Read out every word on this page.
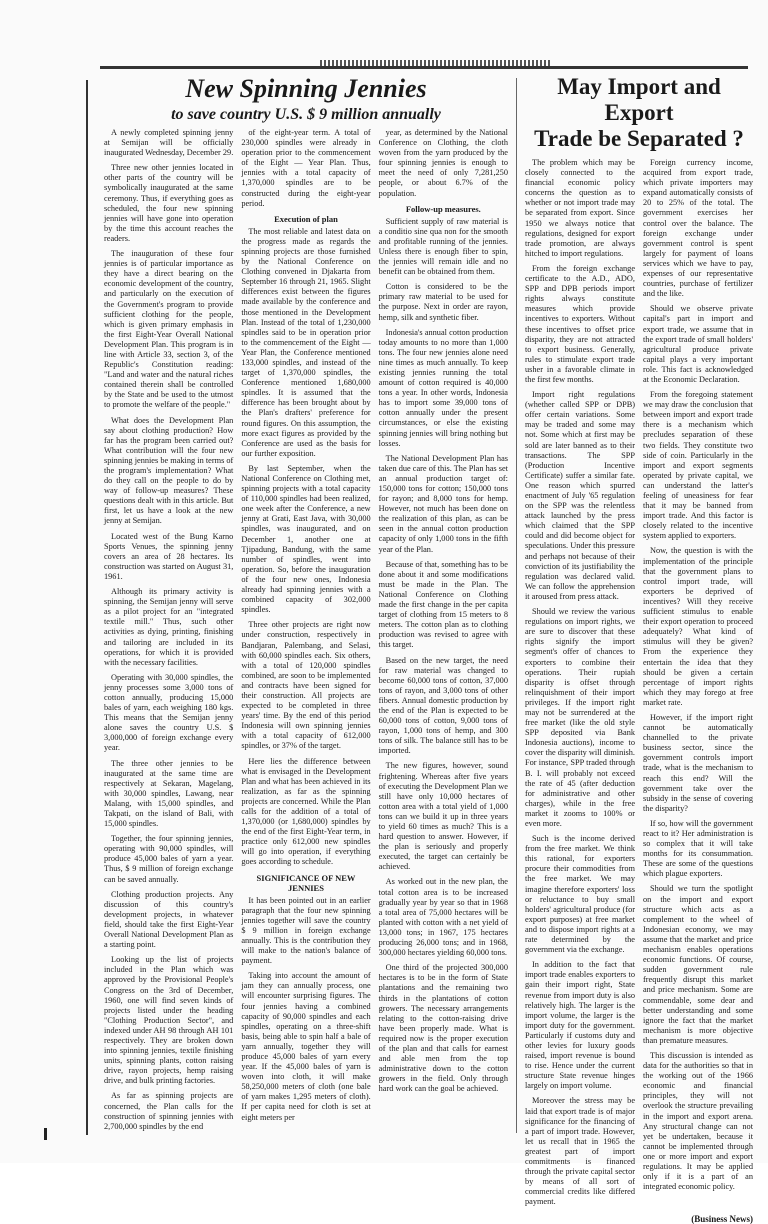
New Spinning Jennies
to save country U.S. $ 9 million annually

A newly completed spinning jenny at Semijan will be officially inaugurated Wednesday, December 29.

Three new other jennies located in other parts of the country will be symbolically inaugurated at the same ceremony. Thus, if everything goes as scheduled, the four new spinning jennies will have gone into operation by the time this account reaches the readers.

The inauguration of these four jennies is of particular importance as they have a direct bearing on the economic development of the country, and particularly on the execution of the Government's program to provide sufficient clothing for the people, which is given primary emphasis in the first Eight-Year Overall National Development Plan. This program is in line with Article 33, section 3, of the Republic's Constitution reading: "Land and water and the natural riches contained therein shall be controlled by the State and be used to the utmost to promote the welfare of the people."

What does the Development Plan say about clothing production? How far has the program been carried out? What contribution will the four new spinning jennies be making in terms of the program's implementation? What do they call on the people to do by way of follow-up measures? These questions dealt with in this article. But first, let us have a look at the new jenny at Semijan.

Located west of the Bung Karno Sports Venues, the spinning jenny covers an area of 28 hectares. Its construction was started on August 31, 1961.

Although its primary activity is spinning, the Semijan jenny will serve as a pilot project for an "integrated textile mill." Thus, such other activities as dying, printing, finishing and tailoring are included in its operations, for which it is provided with the necessary facilities.

Operating with 30,000 spindles, the jenny processes some 3,000 tons of cotton annually, producing 15,000 bales of yarn, each weighing 180 kgs. This means that the Semijan jenny alone saves the country U.S. $ 3,000,000 of foreign exchange every year.

The three other jennies to be inaugurated at the same time are respectively at Sekaran, Magelang, with 30,000 spindles, Lawang, near Malang, with 15,000 spindles, and Takpati, on the island of Bali, with 15,000 spindles.

Together, the four spinning jennies, operating with 90,000 spindles, will produce 45,000 bales of yarn a year. Thus, $ 9 million of foreign exchange can be saved annually.

Clothing production projects. Any discussion of this country's development projects, in whatever field, should take the first Eight-Year Overall National Development Plan as a starting point.

Looking up the list of projects included in the Plan which was approved by the Provisional People's Congress on the 3rd of December, 1960, one will find seven kinds of projects listed under the heading "Clothing Production Sector", and indexed under AH 98 through AH 101 respectively. They are broken down into spinning jennies, textile finishing units, spinning plants, cotton raising drive, rayon projects, hemp raising drive, and bulk printing factories.

As far as spinning projects are concerned, the Plan calls for the construction of spinning jennies with 2,700,000 spindles by the end

of the eight-year term. A total of 230,000 spindles were already in operation prior to the commencement of the Eight — Year Plan. Thus, jennies with a total capacity of 1,370,000 spindles are to be constructed during the eight-year period.

Execution of plan

The most reliable and latest data on the progress made as regards the spinning projects are those furnished by the National Conference on Clothing convened in Djakarta from September 16 through 21, 1965. Slight differences exist between the figures made available by the conference and those mentioned in the Development Plan. Instead of the total of 1,230,000 spindles said to be in operation prior to the commencement of the Eight — Year Plan, the Conference mentioned 133,000 spindles, and instead of the target of 1,370,000 spindles, the Conference mentioned 1,680,000 spindles. It is assumed that the difference has been brought about by the Plan's drafters' preference for round figures. On this assumption, the more exact figures as provided by the Conference are used as the basis for our further exposition.

By last September, when the National Conference on Clothing met, spinning projects with a total capacity of 110,000 spindles had been realized, one week after the Conference, a new jenny at Grati, East Java, with 30,000 spindles, was inaugurated, and on December 1, another one at Tjipadung, Bandung, with the same number of spindles, went into operation. So, before the inauguration of the four new ones, Indonesia already had spinning jennies with a combined capacity of 302,000 spindles.

Three other projects are right now under construction, respectively in Bandjaran, Palembang, and Selasi, with 60,000 spindles each. Six others, with a total of 120,000 spindles combined, are soon to be implemented and contracts have been signed for their construction. All projects are expected to be completed in three years' time. By the end of this period Indonesia will own spinning jennies with a total capacity of 612,000 spindles, or 37% of the target.

Here lies the difference between what is envisaged in the Development Plan and what has been achieved in its realization, as far as the spinning projects are concerned. While the Plan calls for the addition of a total of 1,370,000 (or 1,680,000) spindles by the end of the first Eight-Year term, in practice only 612,000 new spindles will go into operation, if everything goes according to schedule.

SIGNIFICANCE OF NEW JENNIES

It has been pointed out in an earlier paragraph that the four new spinning jennies together will save the country $ 9 million in foreign exchange annually. This is the contribution they will make to the nation's balance of payment.

Taking into account the amount of jam they can annually process, one will encounter surprising figures. The four jennies having a combined capacity of 90,000 spindles and each spindles, operating on a three-shift basis, being able to spin half a bale of yarn annually, together they will produce 45,000 bales of yarn every year. If the 45,000 bales of yarn is woven into cloth, it will make 58,250,000 meters of cloth (one bale of yarn makes 1,295 meters of cloth). If per capita need for cloth is set at eight meters per

year, as determined by the National Conference on Clothing, the cloth woven from the yarn produced by the four spinning jennies is enough to meet the need of only 7,281,250 people, or about 6.7% of the population.

Follow-up measures.

Sufficient supply of raw material is a conditio sine qua non for the smooth and profitable running of the jennies. Unless there is enough fiber to spin, the jennies will remain idle and no benefit can be obtained from them.

Cotton is considered to be the primary raw material to be used for the purpose. Next in order are rayon, hemp, silk and synthetic fiber.

Indonesia's annual cotton production today amounts to no more than 1,000 tons. The four new jennies alone need nine times as much annually. To keep existing jennies running the total amount of cotton required is 40,000 tons a year. In other words, Indonesia has to import some 39,000 tons of cotton annually under the present circumstances, or else the existing spinning jennies will bring nothing but losses.

The National Development Plan has taken due care of this. The Plan has set an annual production target of: 150,000 tons for cotton; 150,000 tons for rayon; and 8,000 tons for hemp. However, not much has been done on the realization of this plan, as can be seen in the annual cotton production capacity of only 1,000 tons in the fifth year of the Plan.

Because of that, something has to be done about it and some modifications must be made in the Plan. The National Conference on Clothing made the first change in the per capita target of clothing from 15 meters to 8 meters. The cotton plan as to clothing production was revised to agree with this target.

Based on the new target, the need for raw material was changed to become 60,000 tons of cotton, 37,000 tons of rayon, and 3,000 tons of other fibers. Annual domestic production by the end of the Plan is expected to be 60,000 tons of cotton, 9,000 tons of rayon, 1,000 tons of hemp, and 300 tons of silk. The balance still has to be imported.

The new figures, however, sound frightening. Whereas after five years of executing the Development Plan we still have only 10,000 hectares of cotton area with a total yield of 1,000 tons can we build it up in three years to yield 60 times as much? This is a hard question to answer. However, if the plan is seriously and properly executed, the target can certainly be achieved.

As worked out in the new plan, the total cotton area is to be increased gradually year by year so that in 1968 a total area of 75,000 hectares will be planted with cotton with a net yield of 13,000 tons; in 1967, 175 hectares producing 26,000 tons; and in 1968, 300,000 hectares yielding 60,000 tons.

One third of the projected 300,000 hectares is to be in the form of State plantations and the remaining two thirds in the plantations of cotton growers. The necessary arrangements relating to the cotton-raising drive have been properly made. What is required now is the proper execution of the plan and that calls for earnest and able men from the top administrative down to the cotton growers in the field. Only through hard work can the goal be achieved.

May Import and Export
Trade be Separated ?

The problem which may be closely connected to the financial economic policy concerns the question as to whether or not import trade may be separated from export. Since 1950 we always notice that regulations, designed for export trade promotion, are always hitched to import regulations.

From the foreign exchange certificate to the A.D., ADO, SPP and DPB periods import rights always constitute measures which provide incentives to exporters. Without these incentives to offset price disparity, they are not attracted to export business. Generally, rules to stimulate export trade usher in a favorable climate in the first few months.

Import right regulations (whether called SPP or DPB) offer certain variations. Some may be traded and some may not. Some which at first may be sold are later banned as to their transactions. The SPP (Production Incentive Certificate) suffer a similar fate. One reason which spurred enactment of July '65 regulation on the SPP was the relentless attack launched by the press which claimed that the SPP could and did become object for speculations. Under this pressure and perhaps not because of their conviction of its justifiability the regulation was declared valid. We can follow the apprehension it aroused from press attack.

Should we review the various regulations on import rights, we are sure to discover that these rights signify the import segment's offer of chances to exporters to combine their operations. Their rupiah disparity is offset through relinquishment of their import privileges. If the import right may not be surrendered at the free market (like the old style SPP deposited via Bank Indonesia auctions), income to cover the disparity will diminish. For instance, SPP traded through B. I. will probably not exceed the rate of 45 (after deduction for administrative and other charges), while in the free market it zooms to 100% or even more.

Such is the income derived from the free market. We think this rational, for exporters procure their commodities from the free market. We may imagine therefore exporters' loss or reluctance to buy small holders' agricultural produce (for export purposes) at free market and to dispose import rights at a rate determined by the government via the exchange.

In addition to the fact that import trade enables exporters to gain their import right, State revenue from import duty is also relatively high. The larger is the import volume, the larger is the import duty for the government. Particularly if customs duty and other levies for luxury goods raised, import revenue is bound to rise. Hence under the current structure State revenue hinges largely on import volume.

Moreover the stress may be laid that export trade is of major significance for the financing of a part of import trade. However, let us recall that in 1965 the greatest part of import commitments is financed through the private capital sector by means of all sort of commercial credits like differed payment.

Foreign currency income, acquired from export trade, which private importers may expand automatically consists of 20 to 25% of the total. The government exercises her control over the balance. The foreign exchange under government control is spent largely for payment of loans services which we have to pay, expenses of our representative countries, purchase of fertilizer and the like.

Should we observe private capital's part in import and export trade, we assume that in the export trade of small holders' agricultural produce private capital plays a very important role. This fact is acknowledged at the Economic Declaration.

From the foregoing statement we may draw the conclusion that between import and export trade there is a mechanism which precludes separation of these two fields. They constitute two side of coin. Particularly in the import and export segments operated by private capital, we can understand the latter's feeling of uneasiness for fear that it may be banned from import trade. And this factor is closely related to the incentive system applied to exporters.

Now, the question is with the implementation of the principle that the government plans to control import trade, will exporters be deprived of incentives? Will they receive sufficient stimulus to enable their export operation to proceed adequately? What kind of stimulus will they be given? From the experience they entertain the idea that they should be given a certain percentage of import rights which they may forego at free market rate.

However, if the import right cannot be automatically channelled to the private business sector, since the government controls import trade, what is the mechanism to reach this end? Will the government take over the subsidy in the sense of covering the disparity?

If so, how will the government react to it? Her administration is so complex that it will take months for its consummation. These are some of the questions which plague exporters.

Should we turn the spotlight on the import and export structure which acts as a complement to the wheel of Indonesian economy, we may assume that the market and price mechanism enables operations economic functions. Of course, sudden government rule frequently disrupt this market and price mechanism. Some are commendable, some dear and better understanding and some ignore the fact that the market mechanism is more objective than premature measures.

This discussion is intended as data for the authorities so that in the working out of the 1966 economic and financial principles, they will not overlook the structure prevailing in the import and export arena. Any structural change can not yet be undertaken, because it cannot be implemented through one or more import and export regulations. It may be applied only if it is a part of an integrated economic policy.

(Business News)
